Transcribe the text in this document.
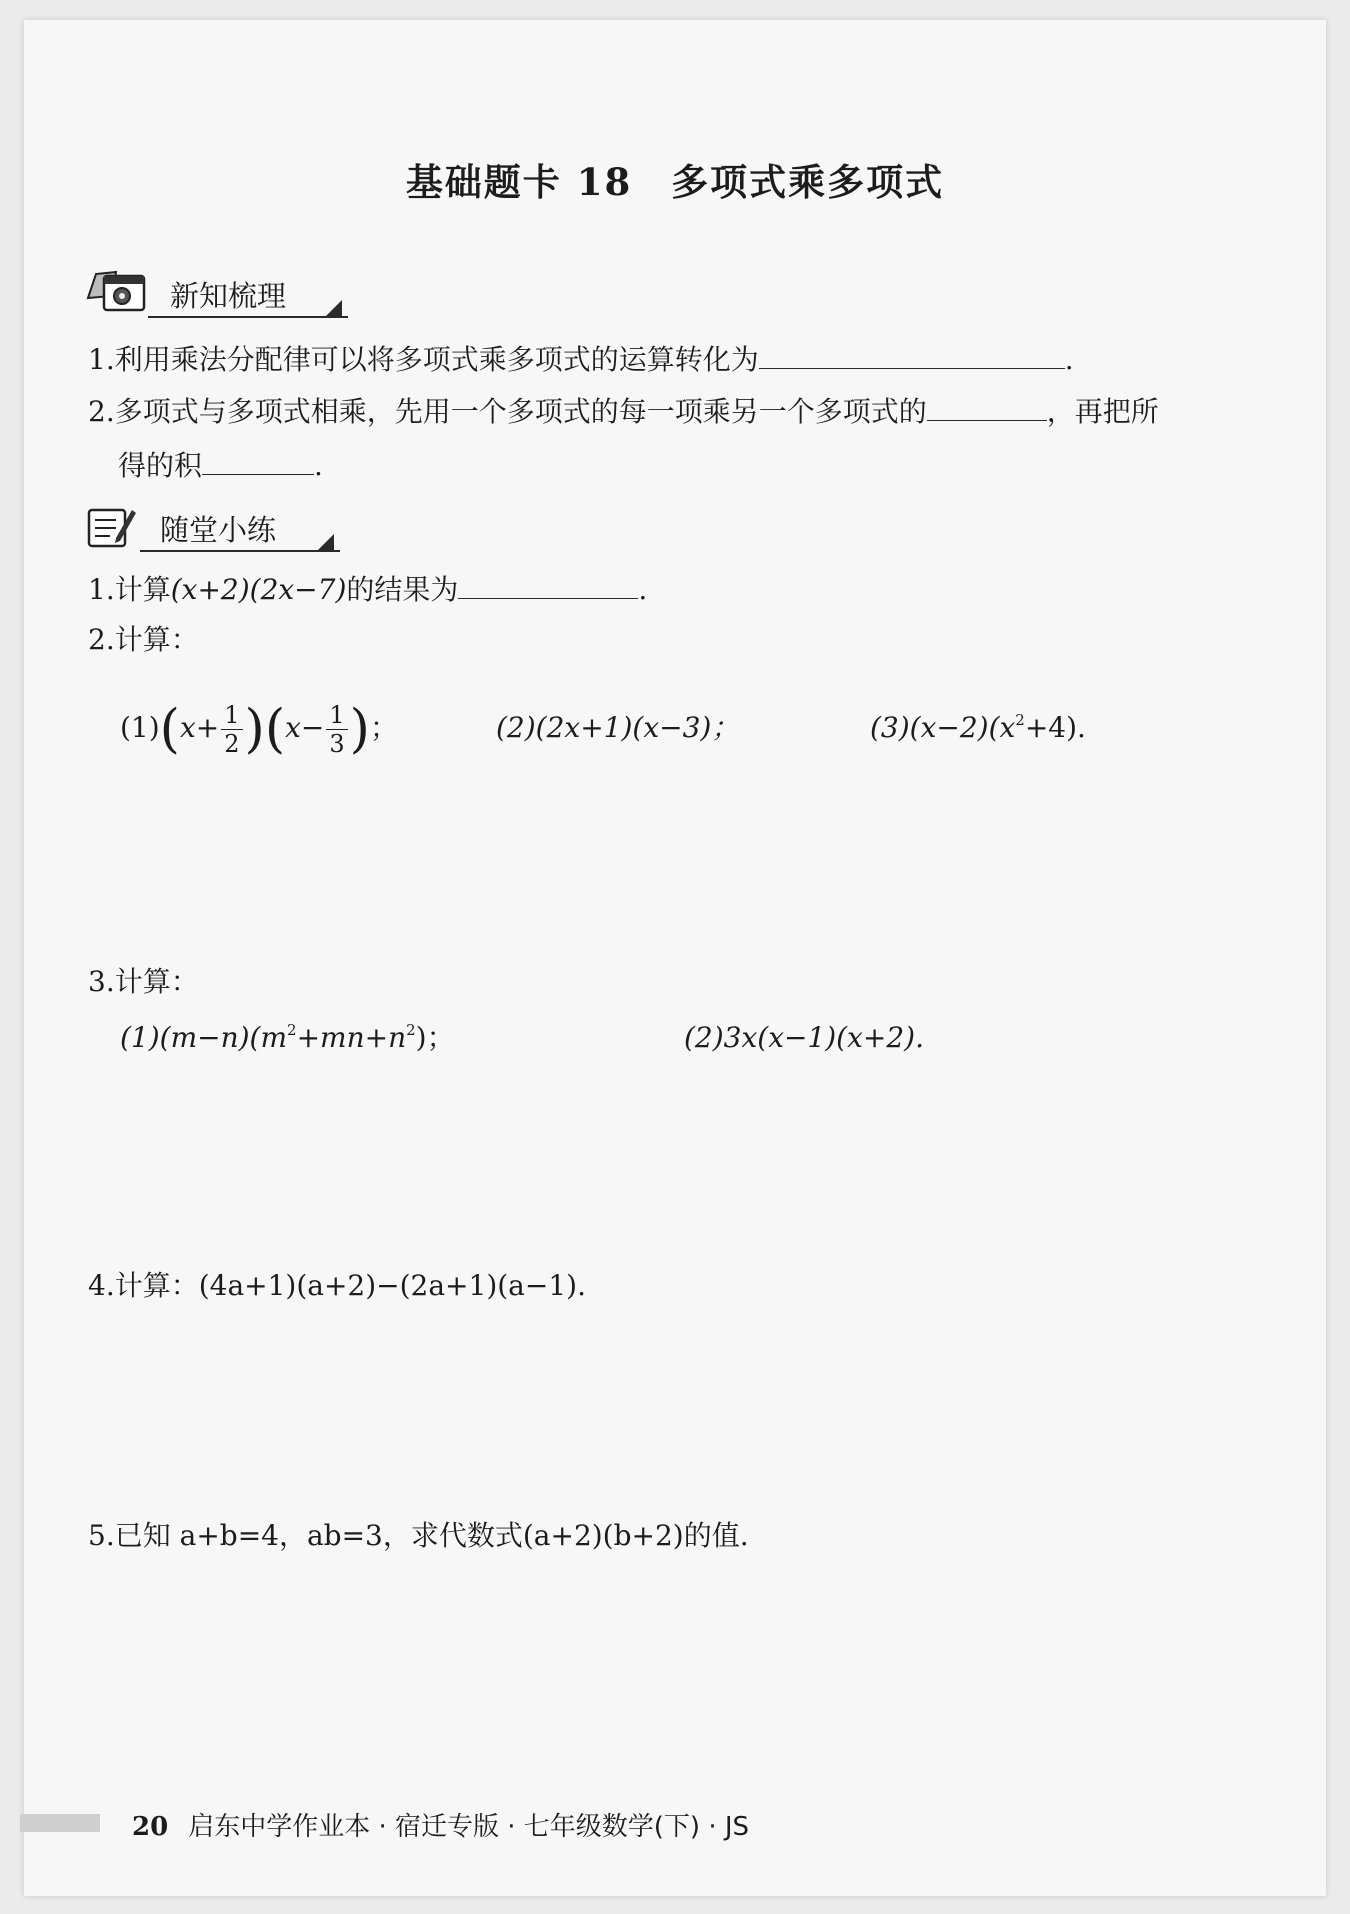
基础题卡 18　多项式乘多项式
新知梳理
1.利用乘法分配律可以将多项式乘多项式的运算转化为	.
2.多项式与多项式相乘，先用一个多项式的每一项乘另一个多项式的	，再把所
得的积	.
随堂小练
1.计算(x+2)(2x−7)的结果为	.
2.计算：
$(1)(x+ \frac{1}{2} )(x- \frac{1}{3}$ )；	(2)(2x+1)(x−3)；	$(3)(x-2)(x^2+4)$.
3.计算：
$(1)(m-n)(m^2+mn+n^2)$；	(2)3x(x−1)(x+2).
4.计算：(4a+1)(a+2)−(2a+1)(a−1).
5.已知 a+b=4，ab=3，求代数式(a+2)(b+2)的值.
20 启东中学作业本 · 宿迁专版 · 七年级数学(下) · JS
